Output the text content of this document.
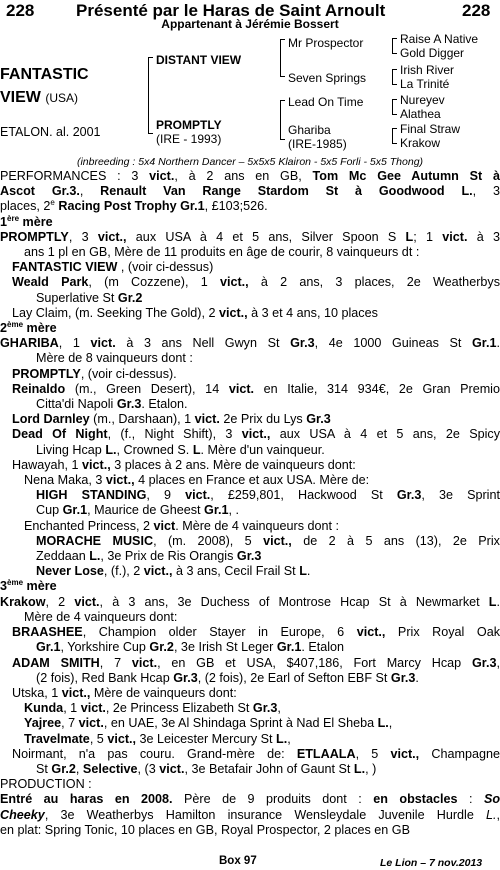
228 Présenté par le Haras de Saint Arnoult	228
Appartenant à Jérémie Bossert
FANTASTIC
VIEW (USA)
ETALON. al. 2001
DISTANT VIEW
PROMPTLY
(IRE - 1993)
Mr Prospector
Seven Springs
Lead On Time
Ghariba
(IRE-1985)
Raise A Native
Gold Digger
Irish River
La Trinité
Nureyev
Alathea
Final Straw
Krakow
(inbreeding : 5x4 Northern Dancer – 5x5x5 Klairon - 5x5 Forli - 5x5 Thong)

PERFORMANCES : 3 vict., à 2 ans en GB, Tom Mc Gee Autumn St à

Ascot Gr.3., Renault Van Range Stardom St à Goodwood L., 3

places, 2e Racing Post Trophy Gr.1, £103;526.

1ère mère

PROMPTLY, 3 vict., aux USA à 4 et 5 ans, Silver Spoon S L; 1 vict. à 3

ans 1 pl en GB, Mère de 11 produits en âge de courir, 8 vainqueurs dt :

FANTASTIC VIEW , (voir ci-dessus)

Weald Park, (m Cozzene), 1 vict., à 2 ans, 3 places, 2e Weatherbys

Superlative St Gr.2

Lay Claim, (m. Seeking The Gold), 2 vict., à 3 et 4 ans, 10 places

2ème mère

GHARIBA, 1 vict. à 3 ans Nell Gwyn St Gr.3, 4e 1000 Guineas St Gr.1.

Mère de 8 vainqueurs dont :

PROMPTLY, (voir ci-dessus).

Reinaldo (m., Green Desert), 14 vict. en Italie, 314 934€, 2e Gran Premio

Citta'di Napoli Gr.3. Etalon.

Lord Darnley (m., Darshaan), 1 vict. 2e Prix du Lys Gr.3

Dead Of Night, (f., Night Shift), 3 vict., aux USA à 4 et 5 ans, 2e Spicy

Living Hcap L., Crowned S. L. Mère d'un vainqueur.

Hawayah, 1 vict., 3 places à 2 ans. Mère de vainqueurs dont:

Nena Maka, 3 vict., 4 places en France et aux USA. Mère de:

HIGH STANDING, 9 vict., £259,801, Hackwood St Gr.3, 3e Sprint

Cup Gr.1, Maurice de Gheest Gr.1, .

Enchanted Princess, 2 vict. Mère de 4 vainqueurs dont :

MORACHE MUSIC, (m. 2008), 5 vict., de 2 à 5 ans (13), 2e Prix

Zeddaan L., 3e Prix de Ris Orangis Gr.3

Never Lose, (f.), 2 vict., à 3 ans, Cecil Frail St L.

3ème mère

Krakow, 2 vict., à 3 ans, 3e Duchess of Montrose Hcap St à Newmarket L.

Mère de 4 vainqueurs dont:

BRAASHEE, Champion older Stayer in Europe, 6 vict., Prix Royal Oak

Gr.1, Yorkshire Cup Gr.2, 3e Irish St Leger Gr.1. Etalon

ADAM SMITH, 7 vict., en GB et USA, $407,186, Fort Marcy Hcap Gr.3,

(2 fois), Red Bank Hcap Gr.3, (2 fois), 2e Earl of Sefton EBF St Gr.3.

Utska, 1 vict., Mère de vainqueurs dont:

Kunda, 1 vict., 2e Princess Elizabeth St Gr.3,

Yajree, 7 vict., en UAE, 3e Al Shindaga Sprint à Nad El Sheba L.,

Travelmate, 5 vict., 3e Leicester Mercury St L.,

Noirmant, n'a pas couru. Grand-mère de: ETLAALA, 5 vict., Champagne

St Gr.2, Selective, (3 vict., 3e Betafair John of Gaunt St L., )

PRODUCTION :

Entré au haras en 2008. Père de 9 produits dont : en obstacles : So

Cheeky, 3e Weatherbys Hamilton insurance Wensleydale Juvenile Hurdle L.,

en plat: Spring Tonic, 10 places en GB, Royal Prospector, 2 places en GB

Box 97	Le Lion – 7 nov.2013
